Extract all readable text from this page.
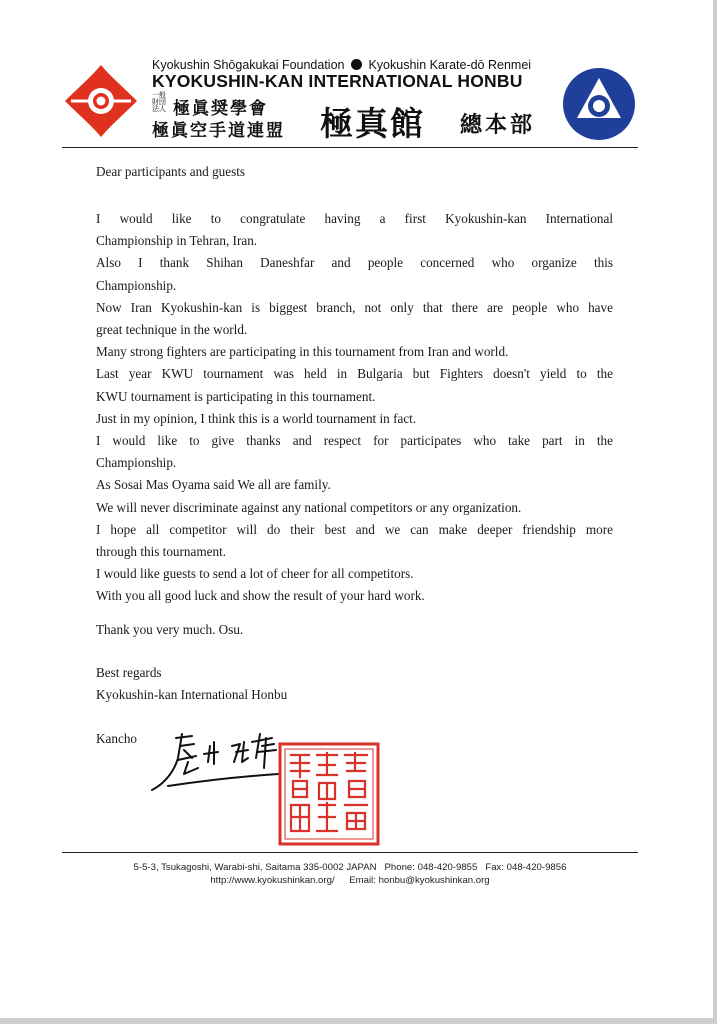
Kyokushin Shōgakukai Foundation Kyokushin Karate-dō Renmei
KYOKUSHIN-KAN INTERNATIONAL HONBU
一般財団法人 極眞奨學會
極眞空手道連盟 極真館 總本部
Dear participants and guests
I would like to congratulate having a first Kyokushin-kan International
Championship in Tehran, Iran.
Also I thank Shihan Daneshfar and people concerned who organize this
Championship.
Now Iran Kyokushin-kan is biggest branch, not only that there are people who have
great technique in the world.
Many strong fighters are participating in this tournament from Iran and world.
Last year KWU tournament was held in Bulgaria but Fighters doesn't yield to the
KWU tournament is participating in this tournament.
Just in my opinion, I think this is a world tournament in fact.
I would like to give thanks and respect for participates who take part in the
Championship.
As Sosai Mas Oyama said We all are family.
We will never discriminate against any national competitors or any organization.
I hope all competitor will do their best and we can make deeper friendship more
through this tournament.
I would like guests to send a lot of cheer for all competitors.
With you all good luck and show the result of your hard work.
Thank you very much. Osu.
Best regards
Kyokushin-kan International Honbu
Kancho
5-5-3, Tsukagoshi, Warabi-shi, Saitama 335-0002 JAPAN Phone: 048-420-9855 Fax: 048-420-9856
http://www.kyokushinkan.org/ Email: honbu@kyokushinkan.org
